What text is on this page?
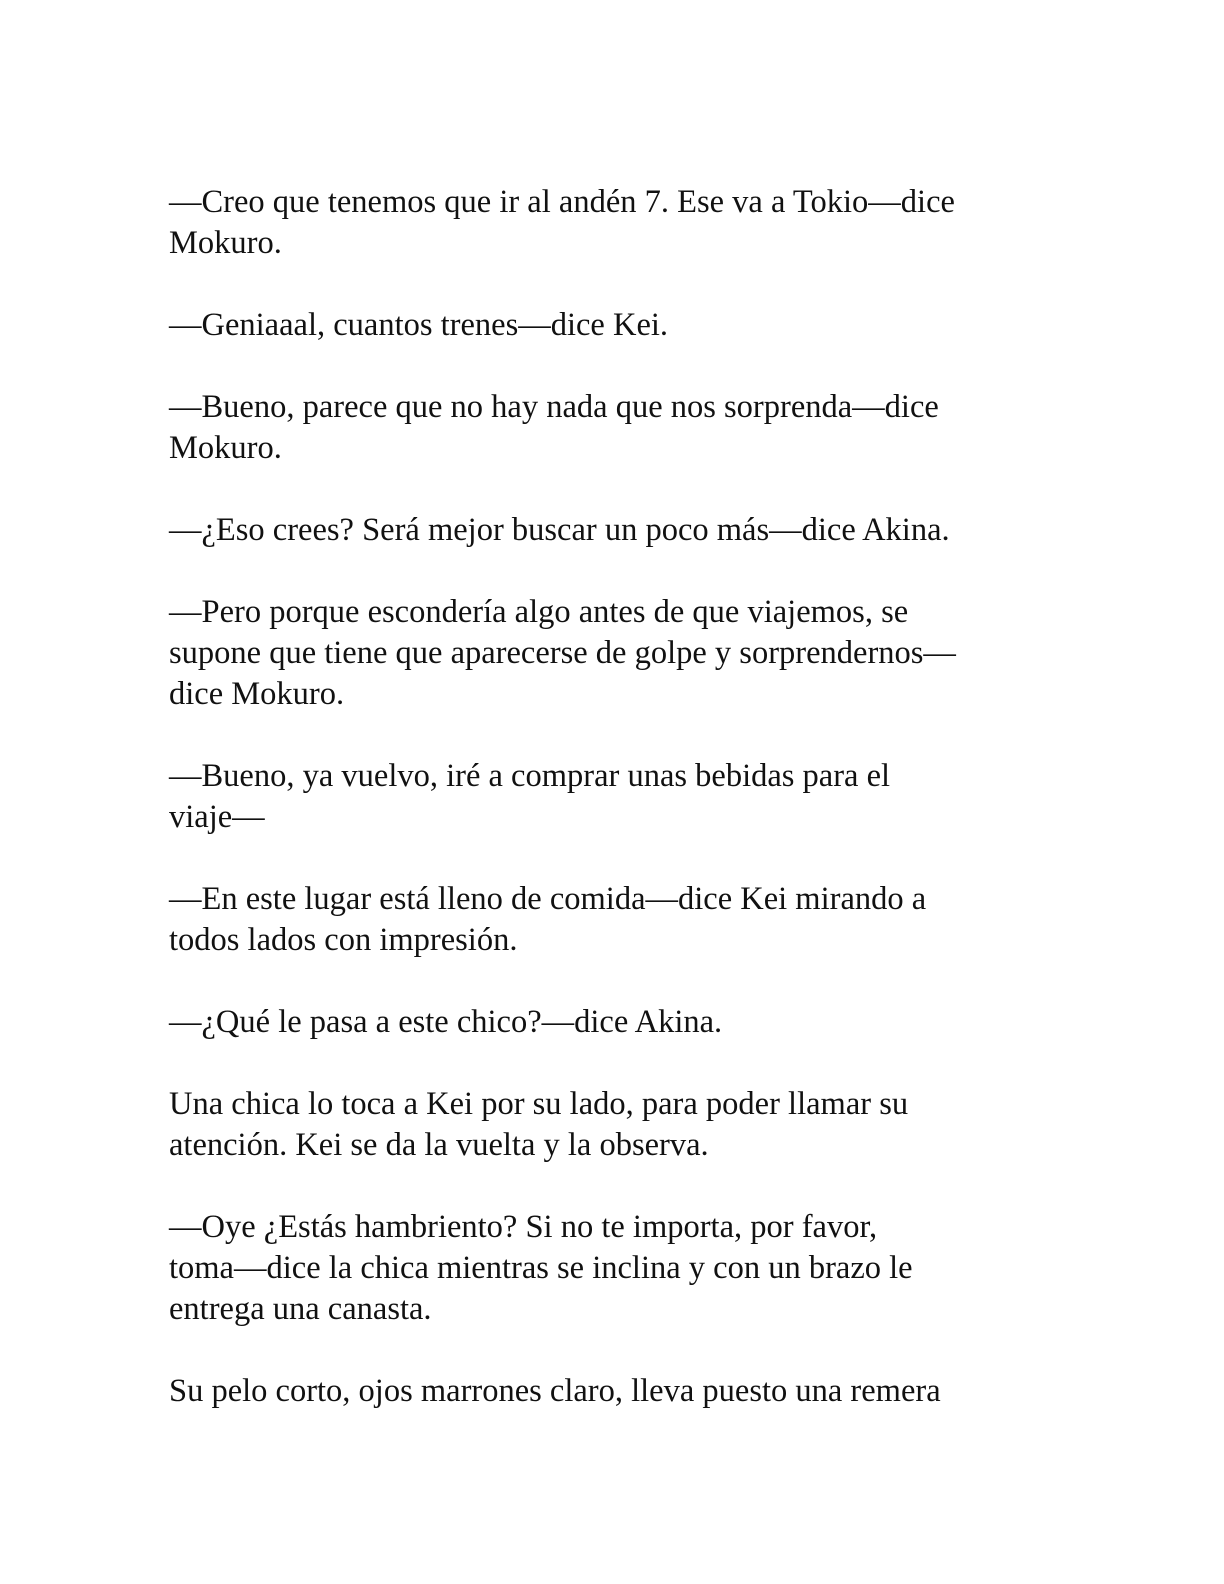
—Creo que tenemos que ir al andén 7. Ese va a Tokio—dice
Mokuro.

—Geniaaal, cuantos trenes—dice Kei.

—Bueno, parece que no hay nada que nos sorprenda—dice
Mokuro.

—¿Eso crees? Será mejor buscar un poco más—dice Akina.

—Pero porque escondería algo antes de que viajemos, se
supone que tiene que aparecerse de golpe y sorprendernos—
dice Mokuro.

—Bueno, ya vuelvo, iré a comprar unas bebidas para el
viaje—

—En este lugar está lleno de comida—dice Kei mirando a
todos lados con impresión.

—¿Qué le pasa a este chico?—dice Akina.

Una chica lo toca a Kei por su lado, para poder llamar su
atención. Kei se da la vuelta y la observa.

—Oye ¿Estás hambriento? Si no te importa, por favor,
toma—dice la chica mientras se inclina y con un brazo le
entrega una canasta.

Su pelo corto, ojos marrones claro, lleva puesto una remera
